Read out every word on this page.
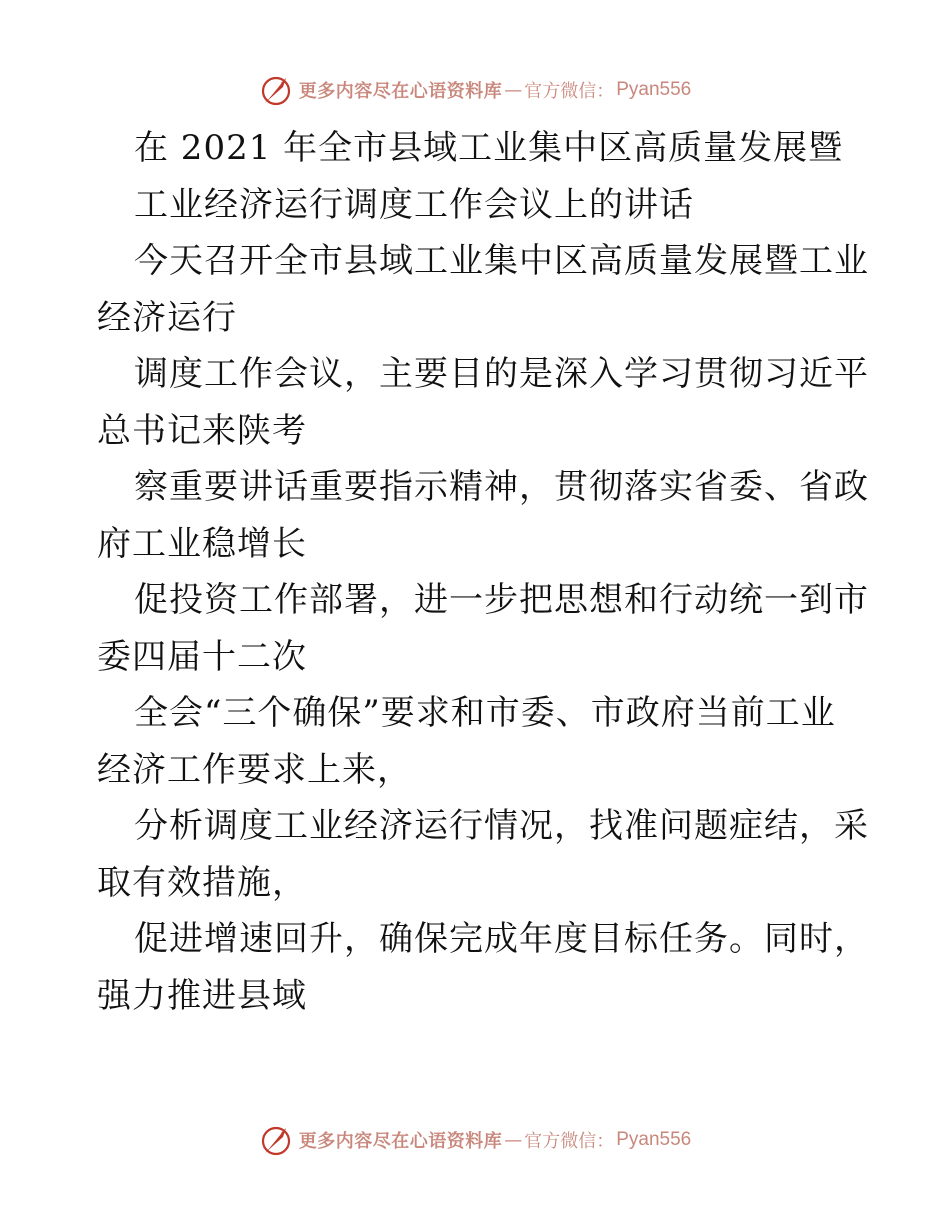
更多内容尽在心语资料库 — 官方微信： Pyan556
在 2021 年全市县域工业集中区高质量发展暨
工业经济运行调度工作会议上的讲话
今天召开全市县域工业集中区高质量发展暨工业
经济运行
调度工作会议，主要目的是深入学习贯彻习近平
总书记来陕考
察重要讲话重要指示精神，贯彻落实省委、省政
府工业稳增长
促投资工作部署，进一步把思想和行动统一到市
委四届十二次
全会“三个确保”要求和市委、市政府当前工业
经济工作要求上来，
分析调度工业经济运行情况，找准问题症结，采
取有效措施，
促进增速回升，确保完成年度目标任务。同时，
强力推进县域
更多内容尽在心语资料库 — 官方微信： Pyan556
